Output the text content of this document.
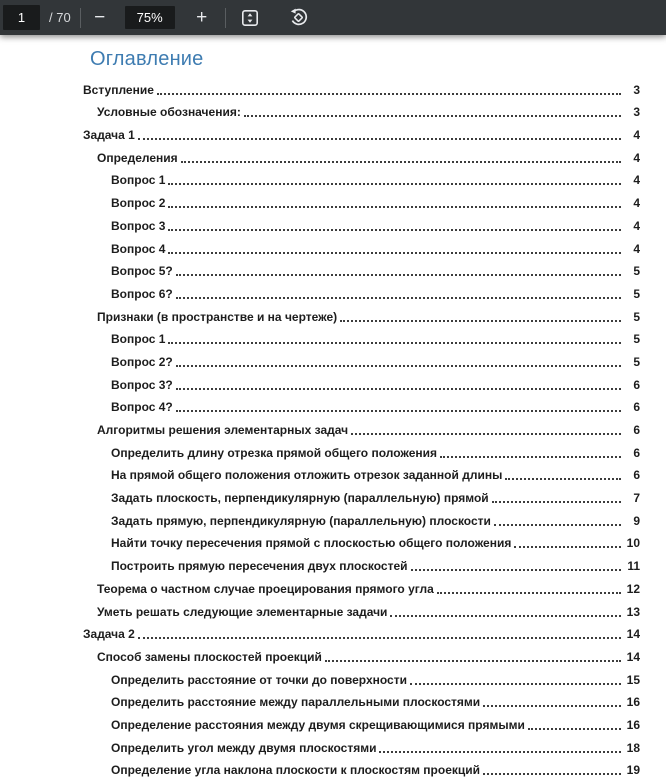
1
/ 70	−	75%	+
Оглавление
Вступление	3
Условные обозначения:	3
Задача 1	4
Определения	4
Вопрос 1	4
Вопрос 2	4
Вопрос 3	4
Вопрос 4	4
Вопрос 5?	5
Вопрос 6?	5
Признаки (в пространстве и на чертеже)	5
Вопрос 1	5
Вопрос 2?	5
Вопрос 3?	6
Вопрос 4?	6
Алгоритмы решения элементарных задач	6
Определить длину отрезка прямой общего положения	6
На прямой общего положения отложить отрезок заданной длины	6
Задать плоскость, перпендикулярную (параллельную) прямой	7
Задать прямую, перпендикулярную (параллельную) плоскости	9
Найти точку пересечения прямой с плоскостью общего положения	10
Построить прямую пересечения двух плоскостей	11
Теорема о частном случае проецирования прямого угла	12
Уметь решать следующие элементарные задачи	13
Задача 2	14
Способ замены плоскостей проекций	14
Определить расстояние от точки до поверхности	15
Определить расстояние между параллельными плоскостями	16
Определение расстояния между двумя скрещивающимися прямыми	16
Определить угол между двумя плоскостями	18
Определение угла наклона плоскости к плоскостям проекций	19
